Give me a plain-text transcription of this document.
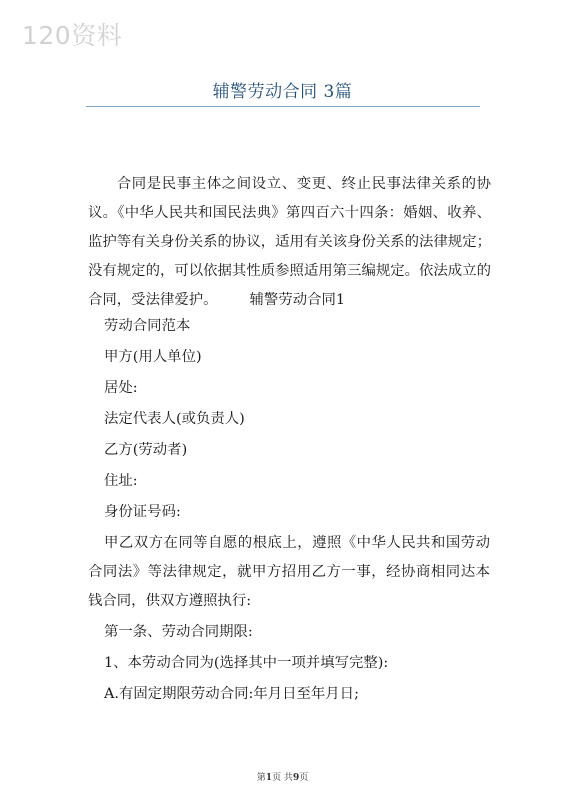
120资料
辅警劳动合同 3篇
合同是民事主体之间设立、变更、终止民事法律关系的协议。《中华人民共和国民法典》第四百六十四条：婚姻、收养、监护等有关身份关系的协议，适用有关该身份关系的法律规定；没有规定的，可以依据其性质参照适用第三编规定。依法成立的合同，受法律爱护。 辅警劳动合同1

劳动合同范本

甲方(用人单位)

居处:

法定代表人(或负责人)

乙方(劳动者)

住址:

身份证号码:

甲乙双方在同等自愿的根底上，遵照《中华人民共和国劳动合同法》等法律规定，就甲方招用乙方一事，经协商相同达本钱合同，供双方遵照执行:

第一条、劳动合同期限:

1、本劳动合同为(选择其中一项并填写完整):

A.有固定期限劳动合同:年月日至年月日;

第1页 共9页
